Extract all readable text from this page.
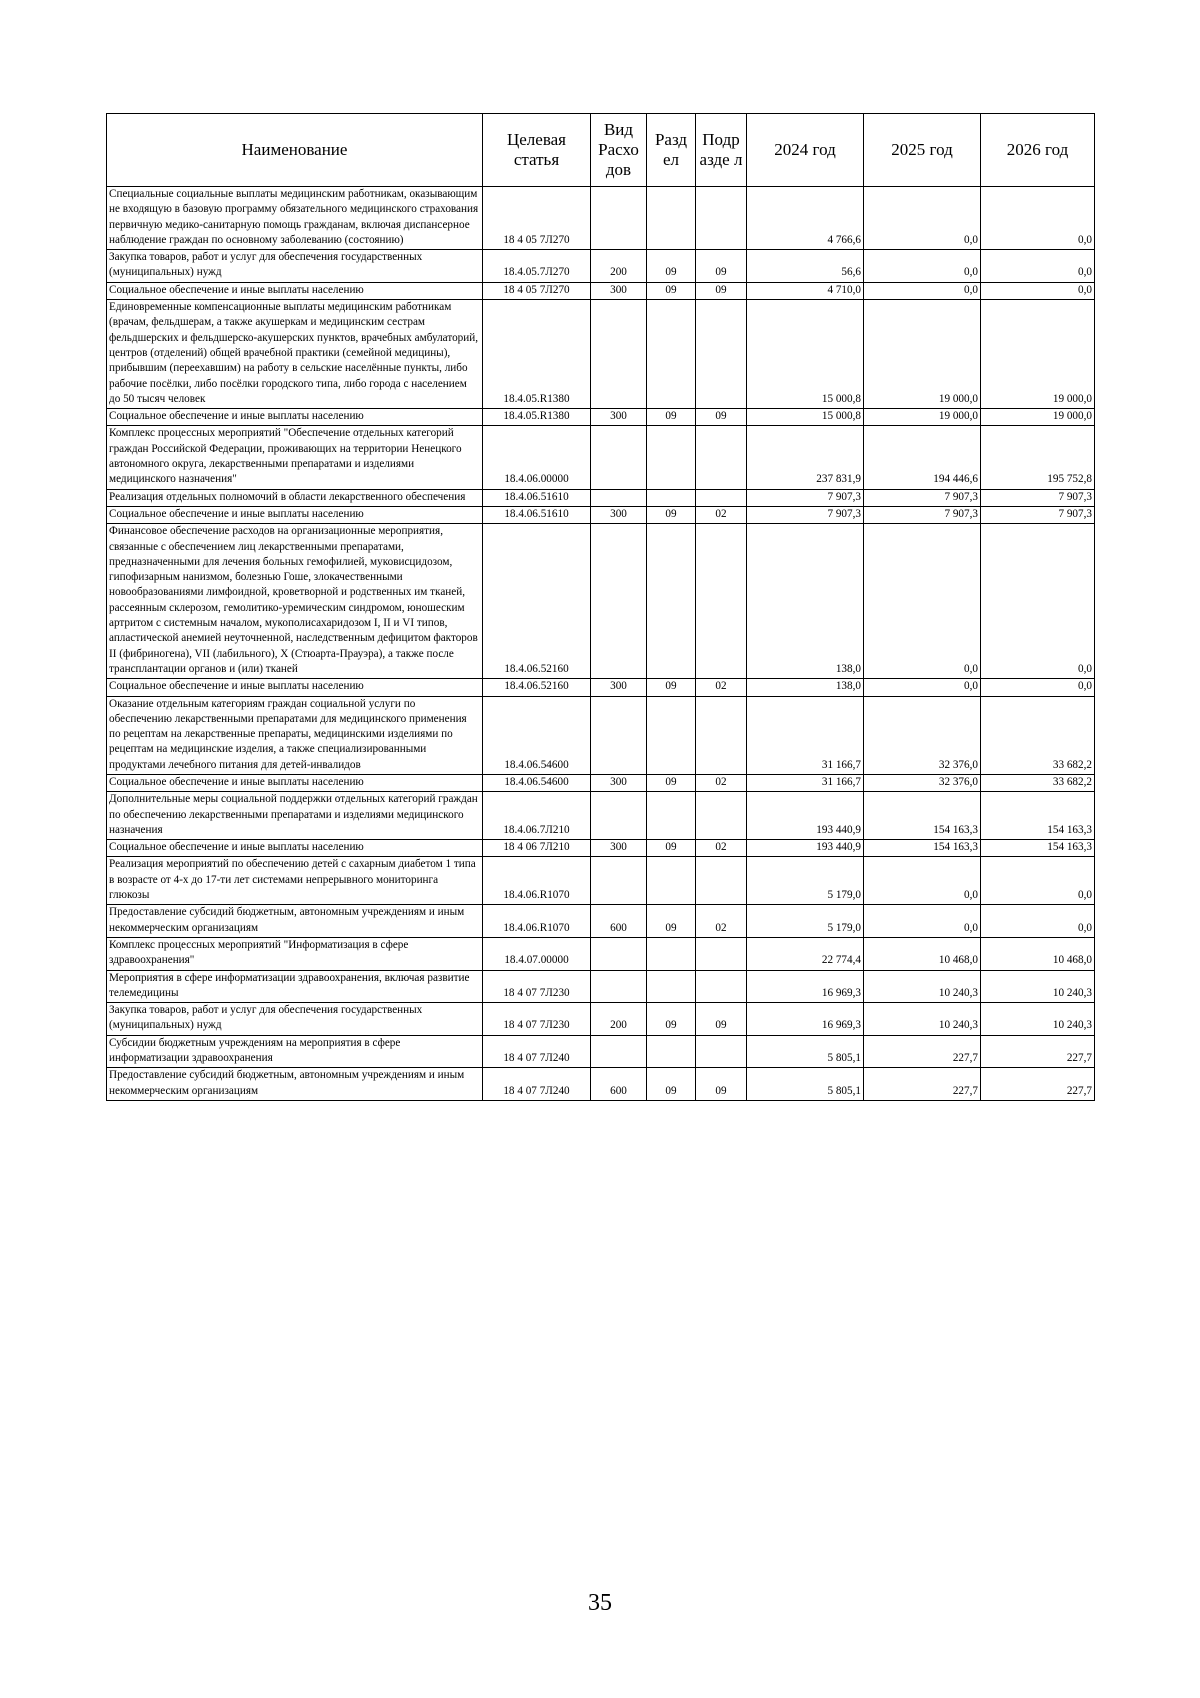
Наименование	Целевая статья	Вид Расхо дов	Разд ел	Подр азде л	2024 год	2025 год	2026 год
Специальные социальные выплаты медицинским работникам, оказывающим не входящую в базовую программу обязательного медицинского страхования первичную медико-санитарную помощь гражданам, включая диспансерное наблюдение граждан по основному заболеванию (состоянию)	18 4 05 7Л270				4 766,6	0,0	0,0
Закупка товаров, работ и услуг для обеспечения государственных (муниципальных) нужд	18.4.05.7Л270	200	09	09	56,6	0,0	0,0
Социальное обеспечение и иные выплаты населению	18 4 05 7Л270	300	09	09	4 710,0	0,0	0,0
Единовременные компенсационные выплаты медицинским работникам (врачам, фельдшерам, а также акушеркам и медицинским сестрам фельдшерских и фельдшерско-акушерских пунктов, врачебных амбулаторий, центров (отделений) общей врачебной практики (семейной медицины), прибывшим (переехавшим) на работу в сельские населённые пункты, либо рабочие посёлки, либо посёлки городского типа, либо города с населением до 50 тысяч человек	18.4.05.R1380				15 000,8	19 000,0	19 000,0
Социальное обеспечение и иные выплаты населению	18.4.05.R1380	300	09	09	15 000,8	19 000,0	19 000,0
Комплекс процессных мероприятий "Обеспечение отдельных категорий граждан Российской Федерации, проживающих на территории Ненецкого автономного округа, лекарственными препаратами и изделиями медицинского назначения"	18.4.06.00000				237 831,9	194 446,6	195 752,8
Реализация отдельных полномочий в области лекарственного обеспечения	18.4.06.51610				7 907,3	7 907,3	7 907,3
Социальное обеспечение и иные выплаты населению	18.4.06.51610	300	09	02	7 907,3	7 907,3	7 907,3
Финансовое обеспечение расходов на организационные мероприятия, связанные с обеспечением лиц лекарственными препаратами, предназначенными для лечения больных гемофилией, муковисцидозом, гипофизарным нанизмом, болезнью Гоше, злокачественными новообразованиями лимфоидной, кроветворной и родственных им тканей, рассеянным склерозом, гемолитико-уремическим синдромом, юношеским артритом с системным началом, мукополисахаридозом I, II и VI типов, апластической анемией неуточненной, наследственным дефицитом факторов II (фибриногена), VII (лабильного), X (Стюарта-Прауэра), а также после трансплантации органов и (или) тканей	18.4.06.52160				138,0	0,0	0,0
Социальное обеспечение и иные выплаты населению	18.4.06.52160	300	09	02	138,0	0,0	0,0
Оказание отдельным категориям граждан социальной услуги по обеспечению лекарственными препаратами для медицинского применения по рецептам на лекарственные препараты, медицинскими изделиями по рецептам на медицинские изделия, а также специализированными продуктами лечебного питания для детей-инвалидов	18.4.06.54600				31 166,7	32 376,0	33 682,2
Социальное обеспечение и иные выплаты населению	18.4.06.54600	300	09	02	31 166,7	32 376,0	33 682,2
Дополнительные меры социальной поддержки отдельных категорий граждан по обеспечению лекарственными препаратами и изделиями медицинского назначения	18.4.06.7Л210				193 440,9	154 163,3	154 163,3
Социальное обеспечение и иные выплаты населению	18 4 06 7Л210	300	09	02	193 440,9	154 163,3	154 163,3
Реализация мероприятий по обеспечению детей с сахарным диабетом 1 типа в возрасте от 4-х до 17-ти лет системами непрерывного мониторинга глюкозы	18.4.06.R1070				5 179,0	0,0	0,0
Предоставление субсидий бюджетным, автономным учреждениям и иным некоммерческим организациям	18.4.06.R1070	600	09	02	5 179,0	0,0	0,0
Комплекс процессных мероприятий "Информатизация в сфере здравоохранения"	18.4.07.00000				22 774,4	10 468,0	10 468,0
Мероприятия в сфере информатизации здравоохранения, включая развитие телемедицины	18 4 07 7Л230				16 969,3	10 240,3	10 240,3
Закупка товаров, работ и услуг для обеспечения государственных (муниципальных) нужд	18 4 07 7Л230	200	09	09	16 969,3	10 240,3	10 240,3
Субсидии бюджетным учреждениям на мероприятия в сфере информатизации здравоохранения	18 4 07 7Л240				5 805,1	227,7	227,7
Предоставление субсидий бюджетным, автономным учреждениям и иным некоммерческим организациям	18 4 07 7Л240	600	09	09	5 805,1	227,7	227,7
35
